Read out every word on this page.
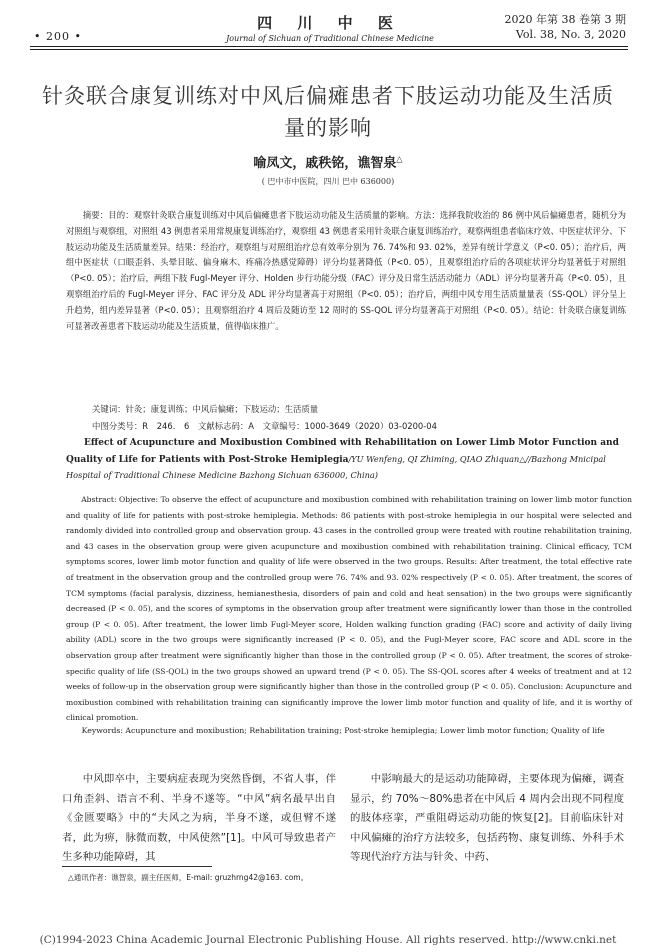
• 200 •
四 川 中 医
Journal of Sichuan of Traditional Chinese Medicine
2020 年第 38 卷第 3 期
Vol. 38, No. 3, 2020
针灸联合康复训练对中风后偏瘫患者下肢运动功能及生活质量的影响
喻凤文，戚秩铭，谯智泉△
( 巴中市中医院，四川 巴中 636000)
摘要：目的：观察针灸联合康复训练对中风后偏瘫患者下肢运动功能及生活质量的影响。方法：选择我院收治的 86 例中风后偏瘫患者，随机分为对照组与观察组，对照组 43 例患者采用常规康复训练治疗，观察组 43 例患者采用针灸联合康复训练治疗，观察两组患者临床疗效、中医症状评分、下肢运动功能及生活质量差异。结果：经治疗，观察组与对照组治疗总有效率分别为 76. 74%和 93. 02%，差异有统计学意义（P<0. 05）；治疗后，两组中医症状（口眼歪斜、头晕目眩、偏身麻木、疼痛冷热感觉障碍）评分均显著降低（P<0. 05），且观察组治疗后的各项症状评分均显著低于对照组（P<0. 05）；治疗后，两组下肢 Fugl-Meyer 评分、Holden 步行功能分级（FAC）评分及日常生活活动能力（ADL）评分均显著升高（P<0. 05），且观察组治疗后的 Fugl-Meyer 评分、FAC 评分及 ADL 评分均显著高于对照组（P<0. 05）；治疗后，两组中风专用生活质量量表（SS-QOL）评分呈上升趋势，组内差异显著（P<0. 05）；且观察组治疗 4 周后及随访至 12 周时的 SS-QOL 评分均显著高于对照组（P<0. 05）。结论：针灸联合康复训练可显著改善患者下肢运动功能及生活质量，值得临床推广。
关键词：针灸；康复训练；中风后偏瘫；下肢运动；生活质量
中图分类号：R 246. 6 文献标志码：A 文章编号：1000-3649（2020）03-0200-04
Effect of Acupuncture and Moxibustion Combined with Rehabilitation on Lower Limb Motor Function and Quality of Life for Patients with Post-Stroke Hemiplegia/YU Wenfeng, QI Zhiming, QIAO Zhiquan△//Bazhong Mnicipal Hospital of Traditional Chinese Medicine Bazhong Sichuan 636000, China)
Abstract: Objective: To observe the effect of acupuncture and moxibustion combined with rehabilitation training on lower limb motor function and quality of life for patients with post-stroke hemiplegia. Methods: 86 patients with post-stroke hemiplegia in our hospital were selected and randomly divided into controlled group and observation group. 43 cases in the controlled group were treated with routine rehabilitation training, and 43 cases in the observation group were given acupuncture and moxibustion combined with rehabilitation training. Clinical efficacy, TCM symptoms scores, lower limb motor function and quality of life were observed in the two groups. Results: After treatment, the total effective rate of treatment in the observation group and the controlled group were 76. 74% and 93. 02% respectively (P < 0. 05). After treatment, the scores of TCM symptoms (facial paralysis, dizziness, hemianesthesia, disorders of pain and cold and heat sensation) in the two groups were significantly decreased (P < 0. 05), and the scores of symptoms in the observation group after treatment were significantly lower than those in the controlled group (P < 0. 05). After treatment, the lower limb Fugl-Meyer score, Holden walking function grading (FAC) score and activity of daily living ability (ADL) score in the two groups were significantly increased (P < 0. 05), and the Fugl-Meyer score, FAC score and ADL score in the observation group after treatment were significantly higher than those in the controlled group (P < 0. 05). After treatment, the scores of stroke-specific quality of life (SS-QOL) in the two groups showed an upward trend (P < 0. 05). The SS-QOL scores after 4 weeks of treatment and at 12 weeks of follow-up in the observation group were significantly higher than those in the controlled group (P < 0. 05). Conclusion: Acupuncture and moxibustion combined with rehabilitation training can significantly improve the lower limb motor function and quality of life, and it is worthy of clinical promotion.
Keywords: Acupuncture and moxibustion; Rehabilitation training; Post-stroke hemiplegia; Lower limb motor function; Quality of life
中风即卒中，主要病症表现为突然昏倒，不省人事，伴口角歪斜、语言不利、半身不遂等。“中风”病名最早出自《金匮要略》中的“夫风之为病，半身不遂，或但臂不遂者，此为痹，脉微而数，中风使然”[1]。中风可导致患者产生多种功能障碍，其
中影响最大的是运动功能障碍，主要体现为偏瘫，调查显示，约 70%～80%患者在中风后 4 周内会出现不同程度的肢体痉挛，严重阻碍运动功能的恢复[2]。目前临床针对中风偏瘫的治疗方法较多，包括药物、康复训练、外科手术等现代治疗方法与针灸、中药、
△通讯作者：谯智泉，副主任医师，E-mail: gruzhrng42@163. com。
(C)1994-2023 China Academic Journal Electronic Publishing House. All rights reserved. http://www.cnki.net
